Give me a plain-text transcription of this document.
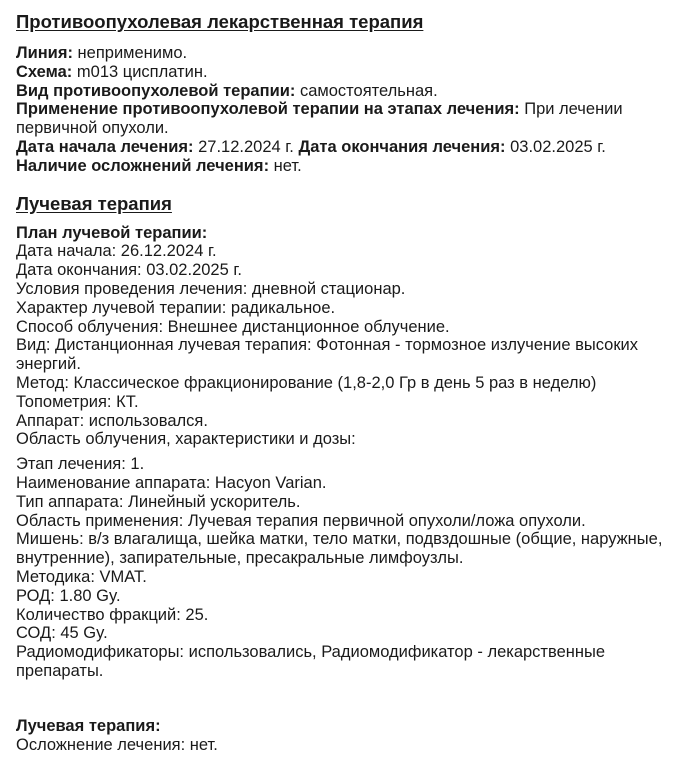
Противоопухолевая лекарственная терапия

Линия: неприменимо.

Схема: m013 цисплатин.

Вид противоопухолевой терапии: самостоятельная.

Применение противоопухолевой терапии на этапах лечения: При лечении первичной опухоли.

Дата начала лечения: 27.12.2024 г. Дата окончания лечения: 03.02.2025 г.

Наличие осложнений лечения: нет.

Лучевая терапия

План лучевой терапии:

Дата начала: 26.12.2024 г.

Дата окончания: 03.02.2025 г.

Условия проведения лечения: дневной стационар.

Характер лучевой терапии: радикальное.

Способ облучения: Внешнее дистанционное облучение.

Вид: Дистанционная лучевая терапия: Фотонная - тормозное излучение высоких энергий.

Метод: Классическое фракционирование (1,8-2,0 Гр в день 5 раз в неделю)

Топометрия: КТ.

Аппарат: использовался.

Область облучения, характеристики и дозы:

Этап лечения: 1.

Наименование аппарата: Hacyon Varian.

Тип аппарата: Линейный ускоритель.

Область применения: Лучевая терапия первичной опухоли/ложа опухоли.

Мишень: в/з влагалища, шейка матки, тело матки, подвздошные (общие, наружные, внутренние), запирательные, пресакральные лимфоузлы.

Методика: VMAT.

РОД: 1.80 Gy.

Количество фракций: 25.

СОД: 45 Gy.

Радиомодификаторы: использовались, Радиомодификатор - лекарственные препараты.

Лучевая терапия:

Осложнение лечения: нет.
